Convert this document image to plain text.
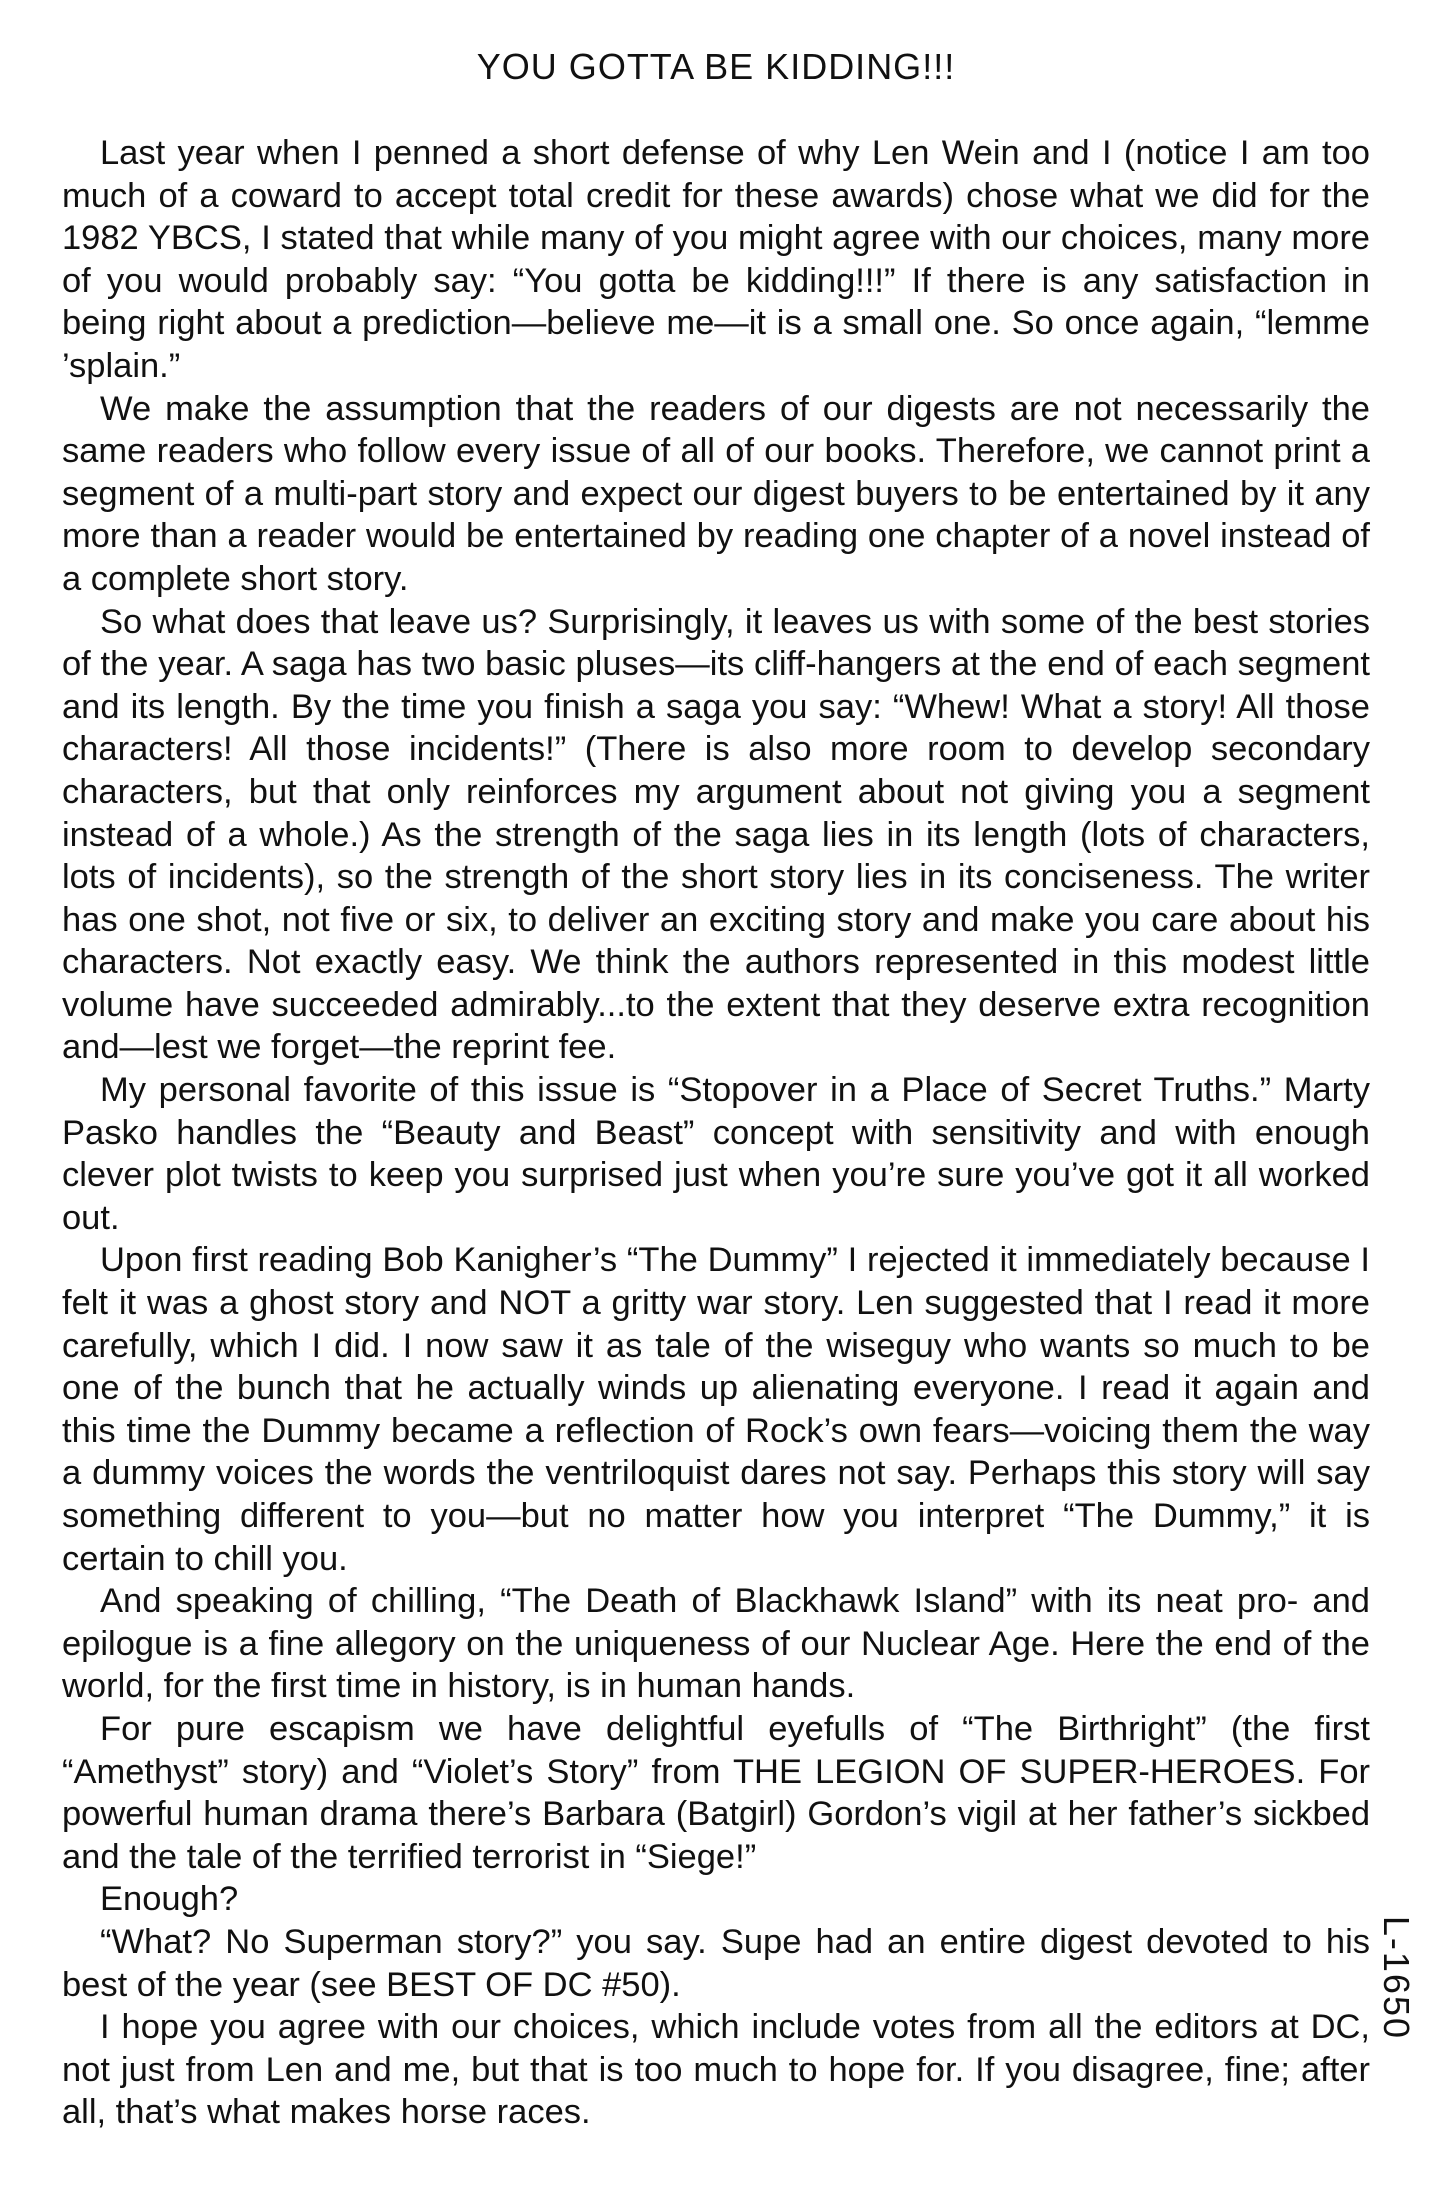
YOU GOTTA BE KIDDING!!!

Last year when I penned a short defense of why Len Wein and I (notice I am too much of a coward to accept total credit for these awards) chose what we did for the 1982 YBCS, I stated that while many of you might agree with our choices, many more of you would probably say: “You gotta be kidding!!!” If there is any satisfaction in being right about a prediction—believe me—it is a small one. So once again, “lemme ’splain.”

We make the assumption that the readers of our digests are not necessarily the same readers who follow every issue of all of our books. Therefore, we cannot print a segment of a multi-part story and expect our digest buyers to be entertained by it any more than a reader would be entertained by reading one chapter of a novel instead of a complete short story.

So what does that leave us? Surprisingly, it leaves us with some of the best stories of the year. A saga has two basic pluses—its cliff-hangers at the end of each segment and its length. By the time you finish a saga you say: “Whew! What a story! All those characters! All those incidents!” (There is also more room to develop secondary characters, but that only reinforces my argument about not giving you a segment instead of a whole.) As the strength of the saga lies in its length (lots of characters, lots of incidents), so the strength of the short story lies in its conciseness. The writer has one shot, not five or six, to deliver an exciting story and make you care about his characters. Not exactly easy. We think the authors represented in this modest little volume have succeeded admirably...to the extent that they deserve extra recognition and—lest we forget—the reprint fee.

My personal favorite of this issue is “Stopover in a Place of Secret Truths.” Marty Pasko handles the “Beauty and Beast” concept with sensitivity and with enough clever plot twists to keep you surprised just when you’re sure you’ve got it all worked out.

Upon first reading Bob Kanigher’s “The Dummy” I rejected it immediately because I felt it was a ghost story and NOT a gritty war story. Len suggested that I read it more carefully, which I did. I now saw it as tale of the wiseguy who wants so much to be one of the bunch that he actually winds up alienating everyone. I read it again and this time the Dummy became a reflection of Rock’s own fears—voicing them the way a dummy voices the words the ventriloquist dares not say. Perhaps this story will say something different to you—but no matter how you interpret “The Dummy,” it is certain to chill you.

And speaking of chilling, “The Death of Blackhawk Island” with its neat pro- and epilogue is a fine allegory on the uniqueness of our Nuclear Age. Here the end of the world, for the first time in history, is in human hands.

For pure escapism we have delightful eyefulls of “The Birthright” (the first “Amethyst” story) and “Violet’s Story” from THE LEGION OF SUPER-HEROES. For powerful human drama there’s Barbara (Batgirl) Gordon’s vigil at her father’s sickbed and the tale of the terrified terrorist in “Siege!”

Enough?

“What? No Superman story?” you say. Supe had an entire digest devoted to his best of the year (see BEST OF DC #50).

I hope you agree with our choices, which include votes from all the editors at DC, not just from Len and me, but that is too much to hope for. If you disagree, fine; after all, that’s what makes horse races.

L-1650
